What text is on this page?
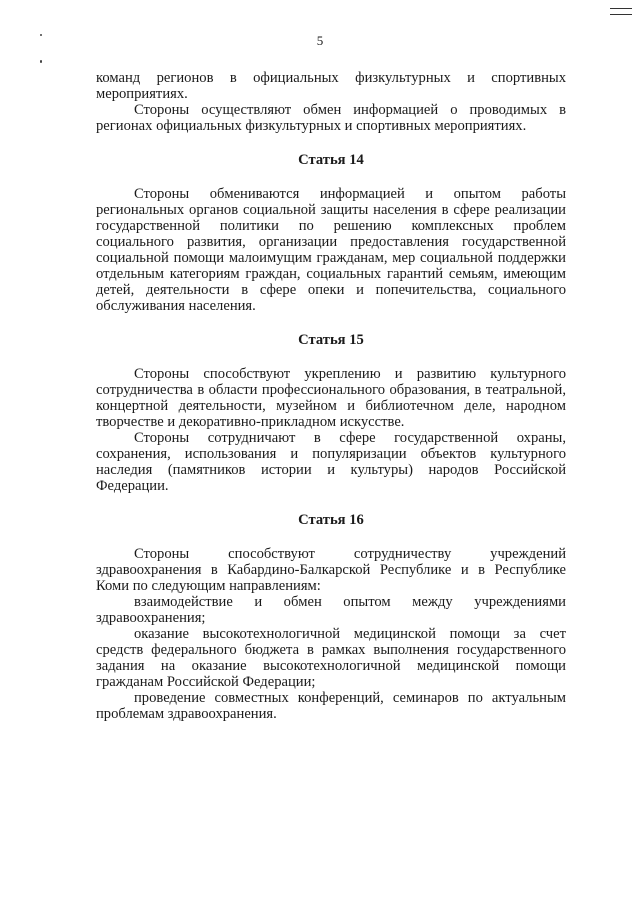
5

команд регионов в официальных физкультурных и спортивных мероприятиях.

Стороны осуществляют обмен информацией о проводимых в регионах официальных физкультурных и спортивных мероприятиях.

Статья 14

Стороны обмениваются информацией и опытом работы региональных органов социальной защиты населения в сфере реализации государственной политики по решению комплексных проблем социального развития, организации предоставления государственной социальной помощи малоимущим гражданам, мер социальной поддержки отдельным категориям граждан, социальных гарантий семьям, имеющим детей, деятельности в сфере опеки и попечительства, социального обслуживания населения.

Статья 15

Стороны способствуют укреплению и развитию культурного сотрудничества в области профессионального образования, в театральной, концертной деятельности, музейном и библиотечном деле, народном творчестве и декоративно-прикладном искусстве.

Стороны сотрудничают в сфере государственной охраны, сохранения, использования и популяризации объектов культурного наследия (памятников истории и культуры) народов Российской Федерации.

Статья 16

Стороны способствуют сотрудничеству учреждений здравоохранения в Кабардино-Балкарской Республике и в Республике Коми по следующим направлениям:

взаимодействие и обмен опытом между учреждениями здравоохранения;

оказание высокотехнологичной медицинской помощи за счет средств федерального бюджета в рамках выполнения государственного задания на оказание высокотехнологичной медицинской помощи гражданам Российской Федерации;

проведение совместных конференций, семинаров по актуальным проблемам здравоохранения.
